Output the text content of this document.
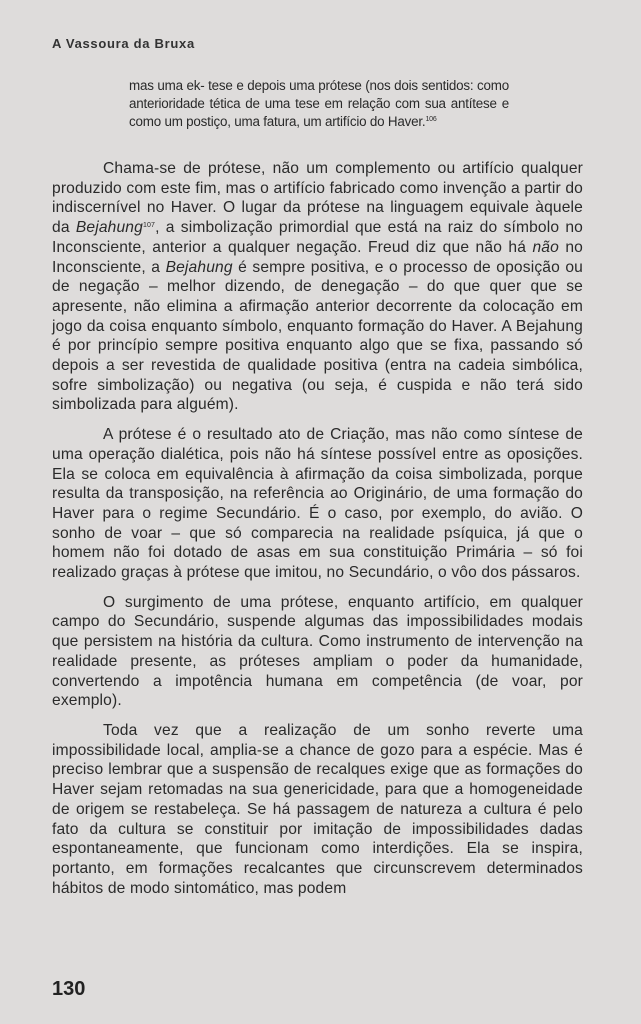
A Vassoura da Bruxa
mas uma ek- tese e depois uma prótese (nos dois sentidos: como anterioridade tética de uma tese em relação com sua antítese e como um postiço, uma fatura, um artifício do Haver.$^{106}$

Chama-se de prótese, não um complemento ou artifício qualquer produzido com este fim, mas o artifício fabricado como invenção a partir do indiscernível no Haver. O lugar da prótese na linguagem equivale àquele da Bejahung$^{107}$, a simbolização primordial que está na raiz do símbolo no Inconsciente, anterior a qualquer negação. Freud diz que não há não no Inconsciente, a Bejahung é sempre positiva, e o processo de oposição ou de negação – melhor dizendo, de denegação – do que quer que se apresente, não elimina a afirmação anterior decorrente da colocação em jogo da coisa enquanto símbolo, enquanto formação do Haver. A Bejahung é por princípio sempre positiva enquanto algo que se fixa, passando só depois a ser revestida de qualidade positiva (entra na cadeia simbólica, sofre simbolização) ou negativa (ou seja, é cuspida e não terá sido simbolizada para alguém).

A prótese é o resultado ato de Criação, mas não como síntese de uma operação dialética, pois não há síntese possível entre as oposições. Ela se coloca em equivalência à afirmação da coisa simbolizada, porque resulta da transposição, na referência ao Originário, de uma formação do Haver para o regime Secundário. É o caso, por exemplo, do avião. O sonho de voar – que só comparecia na realidade psíquica, já que o homem não foi dotado de asas em sua constituição Primária – só foi realizado graças à prótese que imitou, no Secundário, o vôo dos pássaros.

O surgimento de uma prótese, enquanto artifício, em qualquer campo do Secundário, suspende algumas das impossibilidades modais que persistem na história da cultura. Como instrumento de intervenção na realidade presente, as próteses ampliam o poder da humanidade, convertendo a impotência humana em competência (de voar, por exemplo).

Toda vez que a realização de um sonho reverte uma impossibilidade local, amplia-se a chance de gozo para a espécie. Mas é preciso lembrar que a suspensão de recalques exige que as formações do Haver sejam retomadas na sua genericidade, para que a homogeneidade de origem se restabeleça. Se há passagem de natureza a cultura é pelo fato da cultura se constituir por imitação de impossibilidades dadas espontaneamente, que funcionam como interdições. Ela se inspira, portanto, em formações recalcantes que circunscrevem determinados hábitos de modo sintomático, mas podem

130
